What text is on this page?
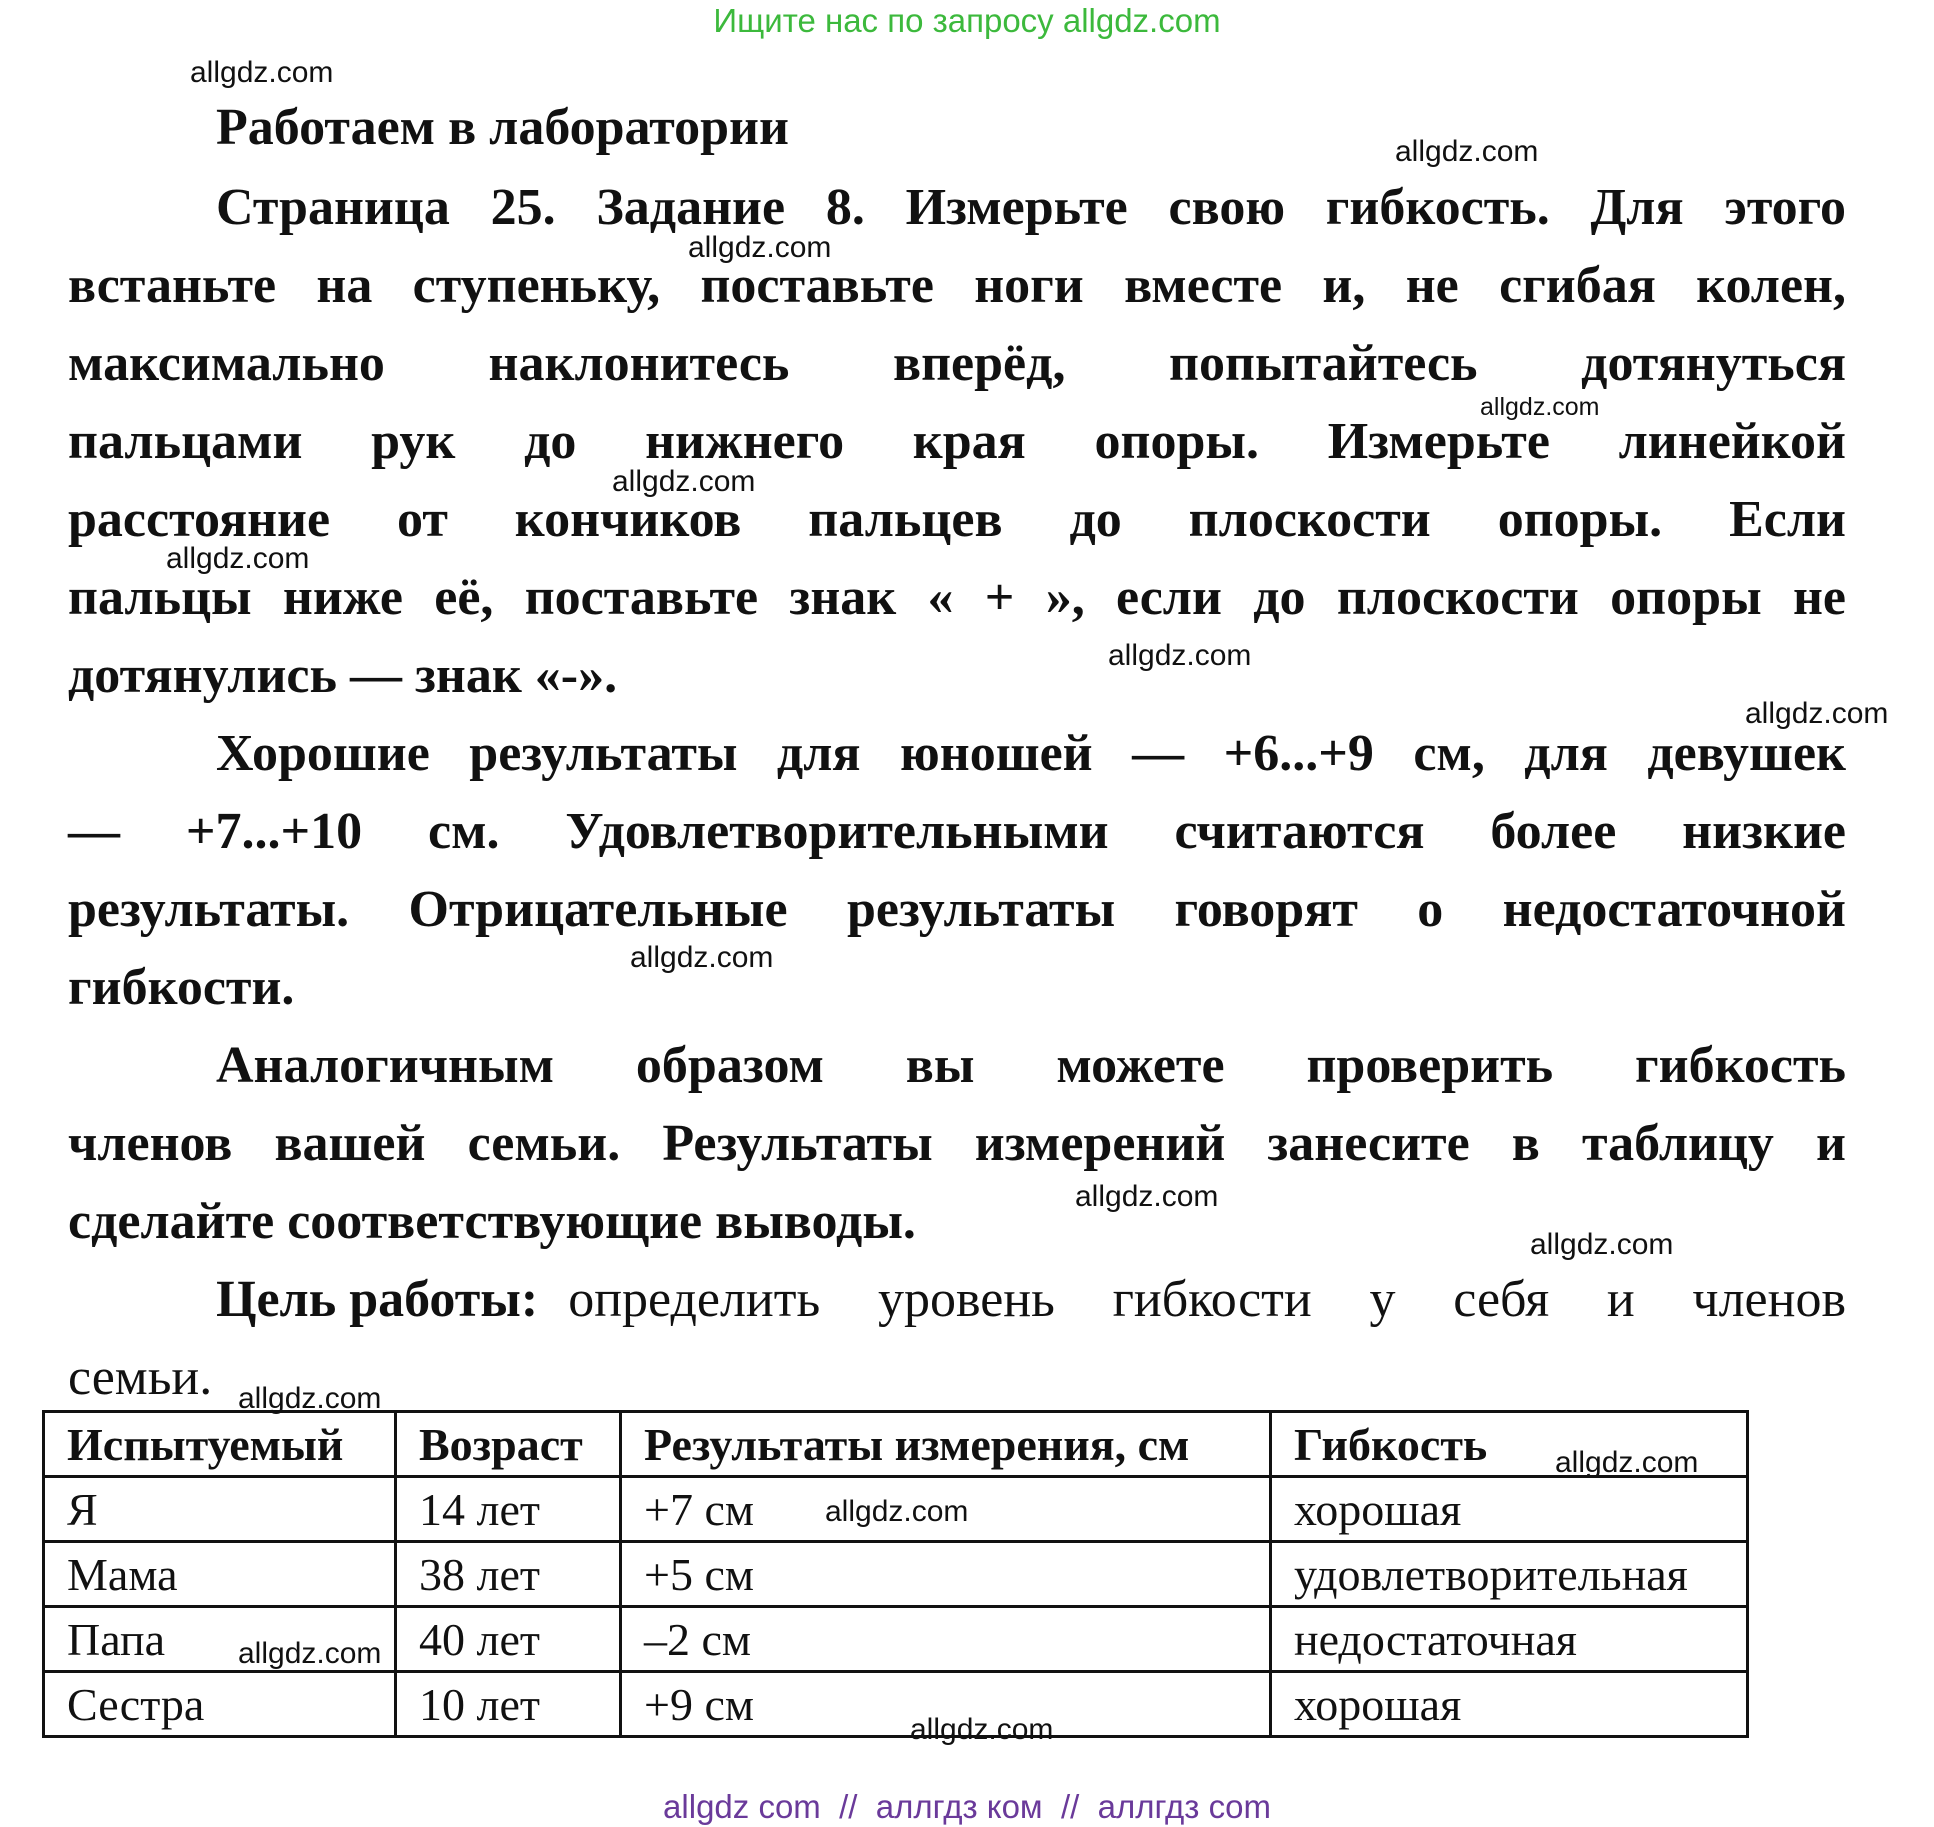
Ищите нас по запросу allgdz.com
Работаем в лаборатории
Страница 25. Задание 8. Измерьте свою гибкость. Для этого
встаньте на ступеньку, поставьте ноги вместе и, не сгибая колен,
максимально наклонитесь вперёд, попытайтесь дотянуться
пальцами рук до нижнего края опоры. Измерьте линейкой
расстояние от кончиков пальцев до плоскости опоры. Если
пальцы ниже её, поставьте знак « + », если до плоскости опоры не
дотянулись — знак «-».
Хорошие результаты для юношей — +6...+9 см, для девушек
— +7...+10 см. Удовлетворительными считаются более низкие
результаты. Отрицательные результаты говорят о недостаточной
гибкости.
Аналогичным образом вы можете проверить гибкость
членов вашей семьи. Результаты измерений занесите в таблицу и
сделайте соответствующие выводы.
Цель работы: определить уровень гибкости у себя и членов
семьи.
Испытуемый	Возраст	Результаты измерения, см	Гибкость
Я	14 лет	+7 см	хорошая
Мама	38 лет	+5 см	удовлетворительная
Папа	40 лет	–2 см	недостаточная
Сестра	10 лет	+9 см	хорошая
allgdz.com
allgdz.com
allgdz.com
allgdz.com
allgdz.com
allgdz.com
allgdz.com
allgdz.com
allgdz.com
allgdz.com
allgdz.com
allgdz.com
allgdz.com
allgdz.com
allgdz.com
allgdz.com
allgdz com  //  аллгдз ком  //  аллгдз com
